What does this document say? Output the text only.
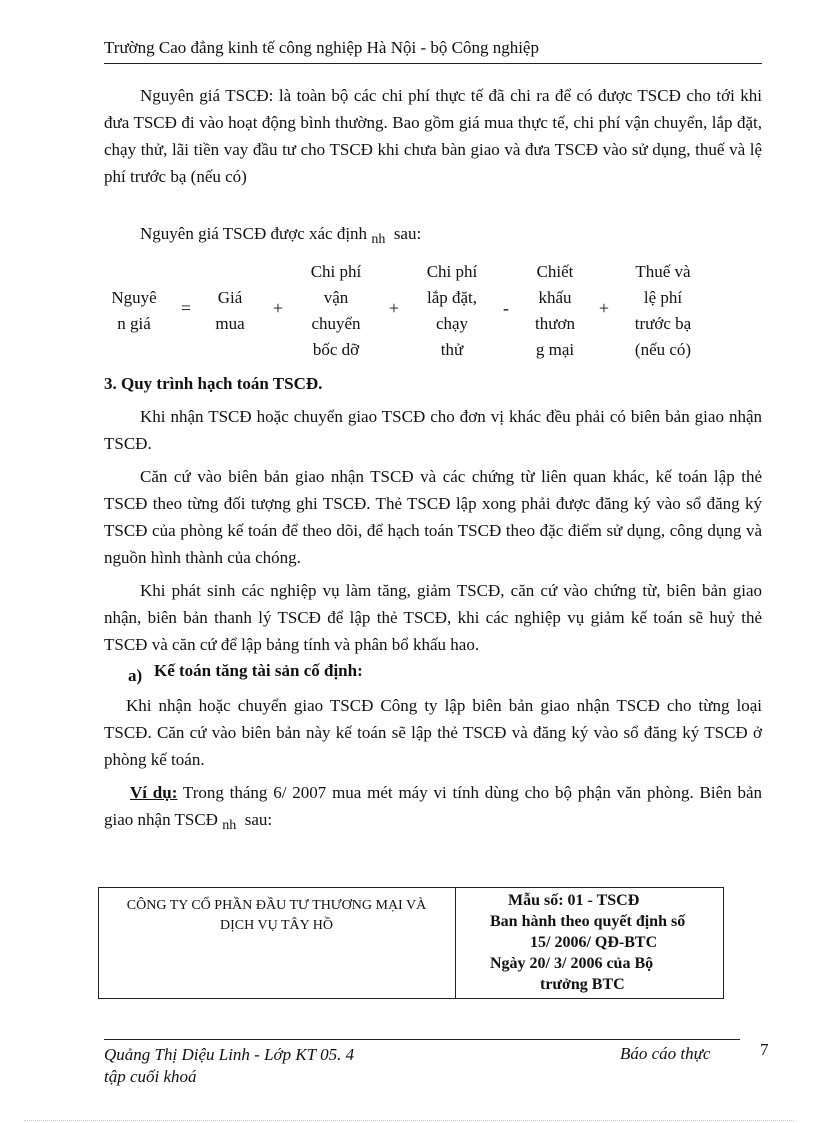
Trường Cao đẳng kinh tế công nghiệp Hà Nội - bộ Công nghiệp
Nguyên giá TSCĐ: là toàn bộ các chi phí thực tế đã chi ra để có được TSCĐ cho tới khi đưa TSCĐ đi vào hoạt động bình thường. Bao gồm giá mua thực tế, chi phí vận chuyển, lắp đặt, chạy thử, lãi tiền vay đầu tư cho TSCĐ khi chưa bàn giao và đưa TSCĐ vào sử dụng, thuế và lệ phí trước bạ (nếu có)
Nguyên giá TSCĐ được xác định $_{nh}$ sau:
Nguyê
n giá
=
Giá
mua
+
Chi phí
vận
chuyển
bốc dỡ
+
Chi phí
lắp đặt,
chạy
thử
-
Chiết
khấu
thươn
g mại
+
Thuế và
lệ phí
trước bạ
(nếu có)
3. Quy trình hạch toán TSCĐ.
Khi nhận TSCĐ hoặc chuyển giao TSCĐ cho đơn vị khác đều phải có biên bản giao nhận TSCĐ.
Căn cứ vào biên bản giao nhận TSCĐ và các chứng từ liên quan khác, kế toán lập thẻ TSCĐ theo từng đối tượng ghi TSCĐ. Thẻ TSCĐ lập xong phải được đăng ký vào sổ đăng ký TSCĐ của phòng kế toán để theo dõi, để hạch toán TSCĐ theo đặc điểm sử dụng, công dụng và nguồn hình thành của chóng.
Khi phát sinh các nghiệp vụ làm tăng, giảm TSCĐ, căn cứ vào chứng từ, biên bản giao nhận, biên bản thanh lý TSCĐ để lập thẻ TSCĐ, khi các nghiệp vụ giảm kế toán sẽ huỷ thẻ TSCĐ và căn cứ để lập bảng tính và phân bổ khấu hao.
a) Kế toán tăng tài sản cố định:
Khi nhận hoặc chuyển giao TSCĐ Công ty lập biên bản giao nhận TSCĐ cho từng loại TSCĐ. Căn cứ vào biên bản này kế toán sẽ lập thẻ TSCĐ và đăng ký vào sổ đăng ký TSCĐ ở phòng kế toán.
Ví dụ: Trong tháng 6/ 2007 mua mét máy vi tính dùng cho bộ phận văn phòng. Biên bản giao nhận TSCĐ $_{nh}$ sau:
CÔNG TY CỔ PHẦN ĐẦU TƯ THƯƠNG MẠI VÀ
DỊCH VỤ TÂY HỒ
Mẫu số: 01 - TSCĐ
Ban hành theo quyết định số
15/ 2006/ QĐ-BTC
Ngày 20/ 3/ 2006 của Bộ
trưởng BTC
Quảng Thị Diệu Linh - Lớp KT 05. 4
tập cuối khoá
Báo cáo thực	7
